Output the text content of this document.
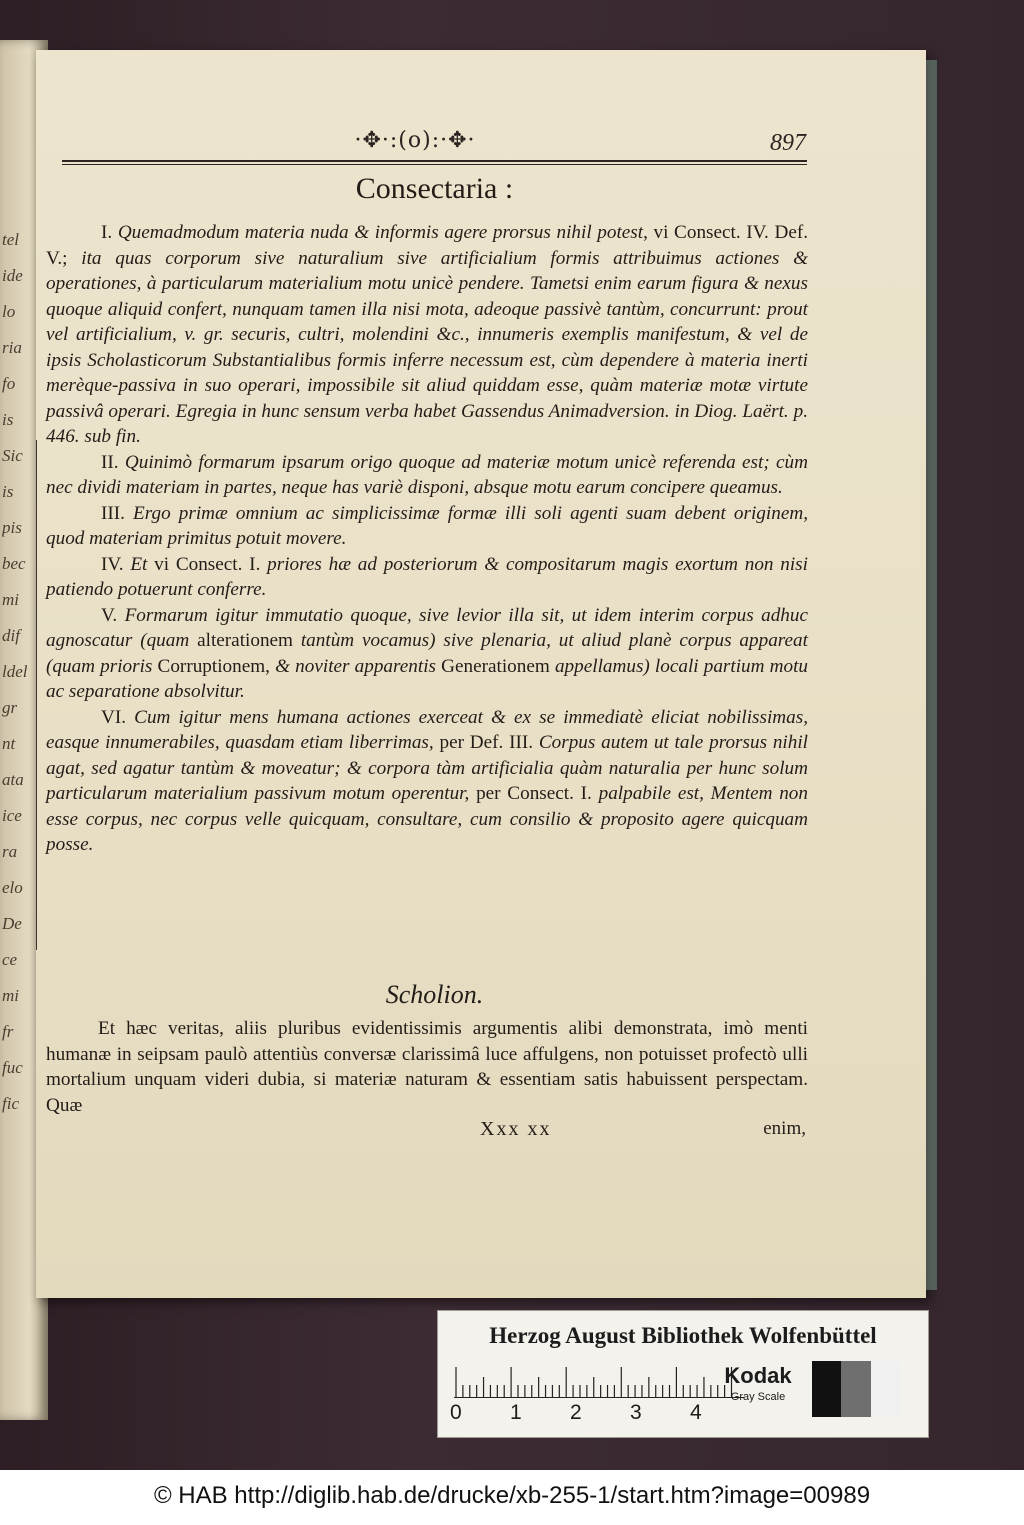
tel
ide
lo
ria
fo
is
Sic
is
pis
bec
mi
dif
ldel
gr
nt
ata
ice
ra
elo
De
ce
mi
fr
fuc
fic
·✥·:(o):·✥·	897
Consectaria :

I. Quemadmodum materia nuda & informis agere prorsus nihil potest, vi Consect. IV. Def. V.; ita quas corporum sive naturalium sive artificialium formis attribuimus actiones & operationes, à particularum materialium motu unicè pendere. Tametsi enim earum figura & nexus quoque aliquid confert, nunquam tamen illa nisi mota, adeoque passivè tantùm, concurrunt: prout vel artificialium, v. gr. securis, cultri, molendini &c., innumeris exemplis manifestum, & vel de ipsis Scholasticorum Substantialibus formis inferre necessum est, cùm dependere à materia inerti merèque-passiva in suo operari, impossibile sit aliud quiddam esse, quàm materiæ motæ virtute passivâ operari. Egregia in hunc sensum verba habet Gassendus Animadversion. in Diog. Laërt. p. 446. sub fin.

II. Quinimò formarum ipsarum origo quoque ad materiæ motum unicè referenda est; cùm nec dividi materiam in partes, neque has variè disponi, absque motu earum concipere queamus.

III. Ergo primæ omnium ac simplicissimæ formæ illi soli agenti suam debent originem, quod materiam primitus potuit movere.

IV. Et vi Consect. I. priores hæ ad posteriorum & compositarum magis exortum non nisi patiendo potuerunt conferre.

V. Formarum igitur immutatio quoque, sive levior illa sit, ut idem interim corpus adhuc agnoscatur (quam alterationem tantùm vocamus) sive plenaria, ut aliud planè corpus appareat (quam prioris Corruptionem, & noviter apparentis Generationem appellamus) locali partium motu ac separatione absolvitur.

VI. Cum igitur mens humana actiones exerceat & ex se immediatè eliciat nobilissimas, easque innumerabiles, quasdam etiam liberrimas, per Def. III. Corpus autem ut tale prorsus nihil agat, sed agatur tantùm & moveatur; & corpora tàm artificialia quàm naturalia per hunc solum particularum materialium passivum motum operentur, per Consect. I. palpabile est, Mentem non esse corpus, nec corpus velle quicquam, consultare, cum consilio & proposito agere quicquam posse.

Scholion.

Et hæc veritas, aliis pluribus evidentissimis argumentis alibi demonstrata, imò menti humanæ in seipsam paulò attentiùs conversæ clarissimâ luce affulgens, non potuisset profectò ulli mortalium unquam videri dubia, si materiæ naturam & essentiam satis habuissent perspectam. Quæ

Xxx xx	enim,
Herzog August Bibliothek Wolfenbüttel
0 1 2 3 4
Kodak
Gray Scale
© HAB http://diglib.hab.de/drucke/xb-255-1/start.htm?image=00989
